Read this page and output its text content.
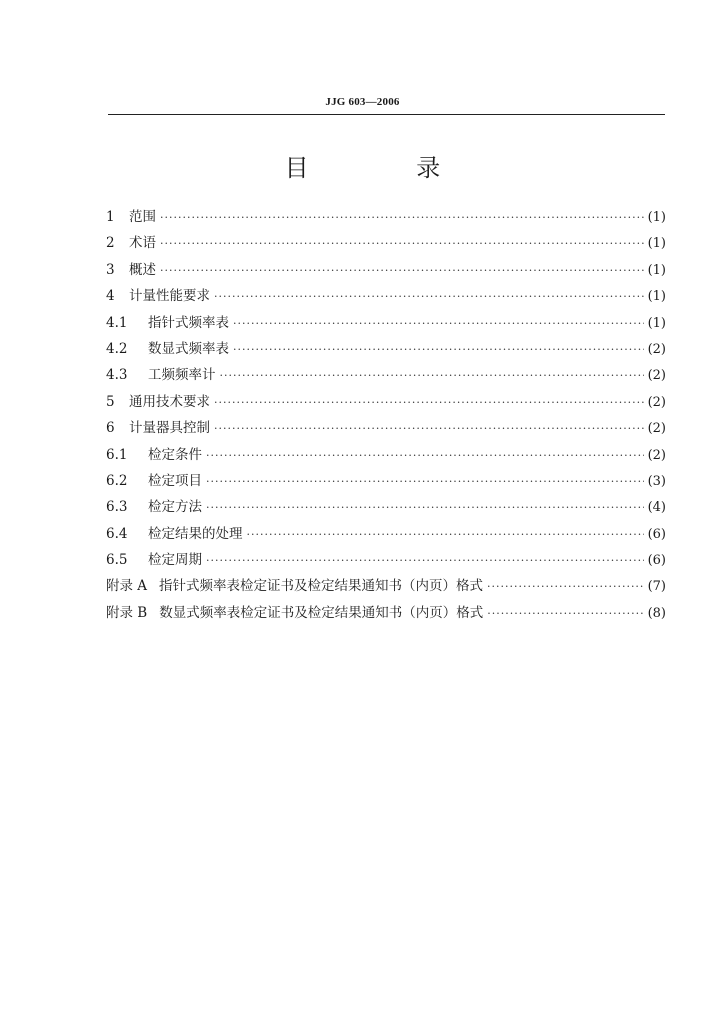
JJG 603—2006
目 录
1	范围 ·····	(1)
2	术语 ·····	(1)
3	概述 ·····	(1)
4	计量性能要求 ·····	(1)
4.1	指针式频率表 ·····	(1)
4.2	数显式频率表 ·····	(2)
4.3	工频频率计 ·····	(2)
5	通用技术要求 ·····	(2)
6	计量器具控制 ·····	(2)
6.1	检定条件 ·····	(2)
6.2	检定项目 ·····	(3)
6.3	检定方法 ·····	(4)
6.4	检定结果的处理 ·····	(6)
6.5	检定周期 ·····	(6)
附录 A 指针式频率表检定证书及检定结果通知书（内页）格式 ·····	(7)
附录 B 数显式频率表检定证书及检定结果通知书（内页）格式 ·····	(8)
